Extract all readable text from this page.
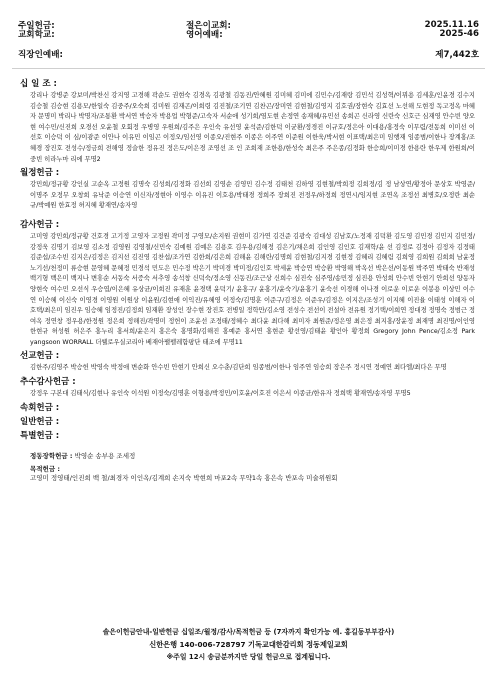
주일헌금:	절은이교회:	2025.11.16
교회학교:	영어예배:	2025-46
직장인예배:	제7,442호
십 일 조 :
강리나 강병준 강보미/박찬신 강지영 고경해 곽순도 권현숙 김경옥 김광철 김동진/안혜원 김미혜 김미에 김민수/김재랑 김민석 김성혁/이뮈용 김세훈/인윤경 김수지 김승철 김승현 김용모/한일숙 김중주/오숙희 김미원 김재곤/이희령 김진철/조기연 김찬곤/장미연 김현철/김영지 김호권/장현숙 김효선 노선해 도현정 독고정옥 마혜자 문명미 박리나 박명자/조통환 박서연 박승자 박용업 박형준/고숙자 서순애 성기희/염도현 손정연 송재혜/유민선 송희곤 신라영 신란숙 신호근 심재영 안수빈 양오현 여수민/신진희 오경선 오윤철 오회정 우병영 우원희/김주은 우인숙 유선영 윤석준/김한덕 이균환/정경진 이규호/정은아 이대용/홍정숙 이무렴/전동희 이미선 이선호 이승덕 이 심/이광준 이안나 이유민 이임곤 이정오/임선영 이종오/진현주 이종은 이주연 이준원 이한욱/박서현 이표택/최은미 임행재 임종범/이한나 장계홍/조혜경 장진호 전성수/정금희 전해영 정슬한 정유진 정은도/이은경 조영선 조 인 조희재 조한용/한성숙 최은주 주은종/김정화 한승희/이미경 한용란 한우제 한원희/이중빈 히라누마 리에 무명2
월정헌금 :
강민희/정규황 강인실 고순옥 고정원 김명숙 김성희/김정화 김선희 김영순 김영민 김수정 김태천 김하영 김현철/박희정 김희정/김 정 남상연/황정아 문상호 박영준/이명주 오정무 오창희 유낙준 이승연 이신자/정현아 이영수 이유진 이호용/박태경 정희주 장희진 전정우/하정희 정연시/임지현 조연옥 조정선 최병호/오정란 최순규/박예원 한효정 허지혜 황재연/송자영
감사헌금 :
고미영 강민희/정규황 건호경 고기정 고영자 고정원 곽미정 구영모/손지원 권현미 김가연 김건준 김광숙 김대성 김남호/노정재 김덕환 김도영 김민경 김민지 김민정/강정욱 김명기 김보영 김소정 김영원 김영철/신민숙 김예원 김예은 김용호 김우용/김해정 김은기/채은희 김인영 김인호 김재학/윤 선 김정로 김정아 김정자 김정태 김준섭/조수빈 김지은/김정은 김지선 김진영 김찬섭/조가연 김한희/김은희 김해윤 김해란/김명희 김현철/김지경 김현정 김혜리 김혜림 김희영 김희원 김희희 남윤정 노기선/천정미 류승현 문영혜 문혜정 민경석 민도은 민수정 박은기 박미경 박미정/김인호 박세윤 박승연 박승환 박영해 박옥선 박은선/이동원 박주연 박태숙 반재성 백기형 백은미 백지나 변휴순 서동숙 서증숙 서추영 송석창 신덕숙/정소영 신동진/조근상 신희수 심진숙 심주영/송민정 심진용 안성희 안수빈 안현기 안희선 양동자 양현숙 여수민 오선식 우승엽/이은혜 유상균/이희진 유재훈 윤경택 윤덕기/ 윤홍구/ 윤홍기/윤숙기/윤홍기 윤숙선 이경해 이나경 이로운 이로운 이봉용 이상민 이수연 이승혜 이신숙 이영경 이영원 이원상 이윤원/김현애 이익진/유혜영 이정숙/김명훈 이준구/김정은 이준우/김정은 이지은/조성기 이지혜 이진율 이태성 이해자 이호택/최은미 임진우 임승혜 임정진/김정희 임재환 장성인 장수현 장진호 전병일 정학만/김소영 전성수 전선이 전설아 전유원 정기택/이희연 정대경 정명숙 정범근 정여옥 정연창 정우용/한정원 정은희 정해진/곽명미 정헌이 조윤선 조정태/정혜수 최다윤 최다해 최미자 최원준/정은영 최은정 최지홍/장윤정 최재명 최진명/이인영 한현규 허성원 허은주 홍누리 홍서희/윤은지 홍은숙 홍명화/김해진 홍예준 홍서연 홍현준 황선영/김태윤 황인아 황정희 Gregory John Pence/김소정 Park yangsoon WORRALL 더웰로우실코리아 베재아팰펠레함팡단 태조에 무명11
선교헌금 :
김한주/김영주 박승헌 박영숙 박정애 변순화 안수빈 안현기 안희신 오수춘/김단희 임종범/이한나 임주연 임승희 장은주 정시연 정예연 최다엘/최다은 무명
추수감사헌금 :
강정우 구본대 김태식/김현나 유인숙 이석원 이정숙/김명훈 이형용/박정민/이호윤/이호진 이은서 이종균/한유자 정희택 황재연/송자영 무명5
속회헌금 :
일반헌금 :
특별헌금 :
정동장학헌금 : 박영순 송부용 조세정
목적헌금 :
고영미 정영태/인진희 백 철/최경자 이인옥/김계희 손지숙 박현희 마포2속 무약1속 홍은속 반포속 미술위원회
솔은이헌금안내-일반헌금 십일조/월정/감사/목적헌금 등 (7자까지 확인가능 예. 홍길동부부감사)
신한은행 140-006-728797 기독교대한감리회 정동제일교회
※주일 12시 송금분까지만 당일 헌금으로 접계됩니다.
